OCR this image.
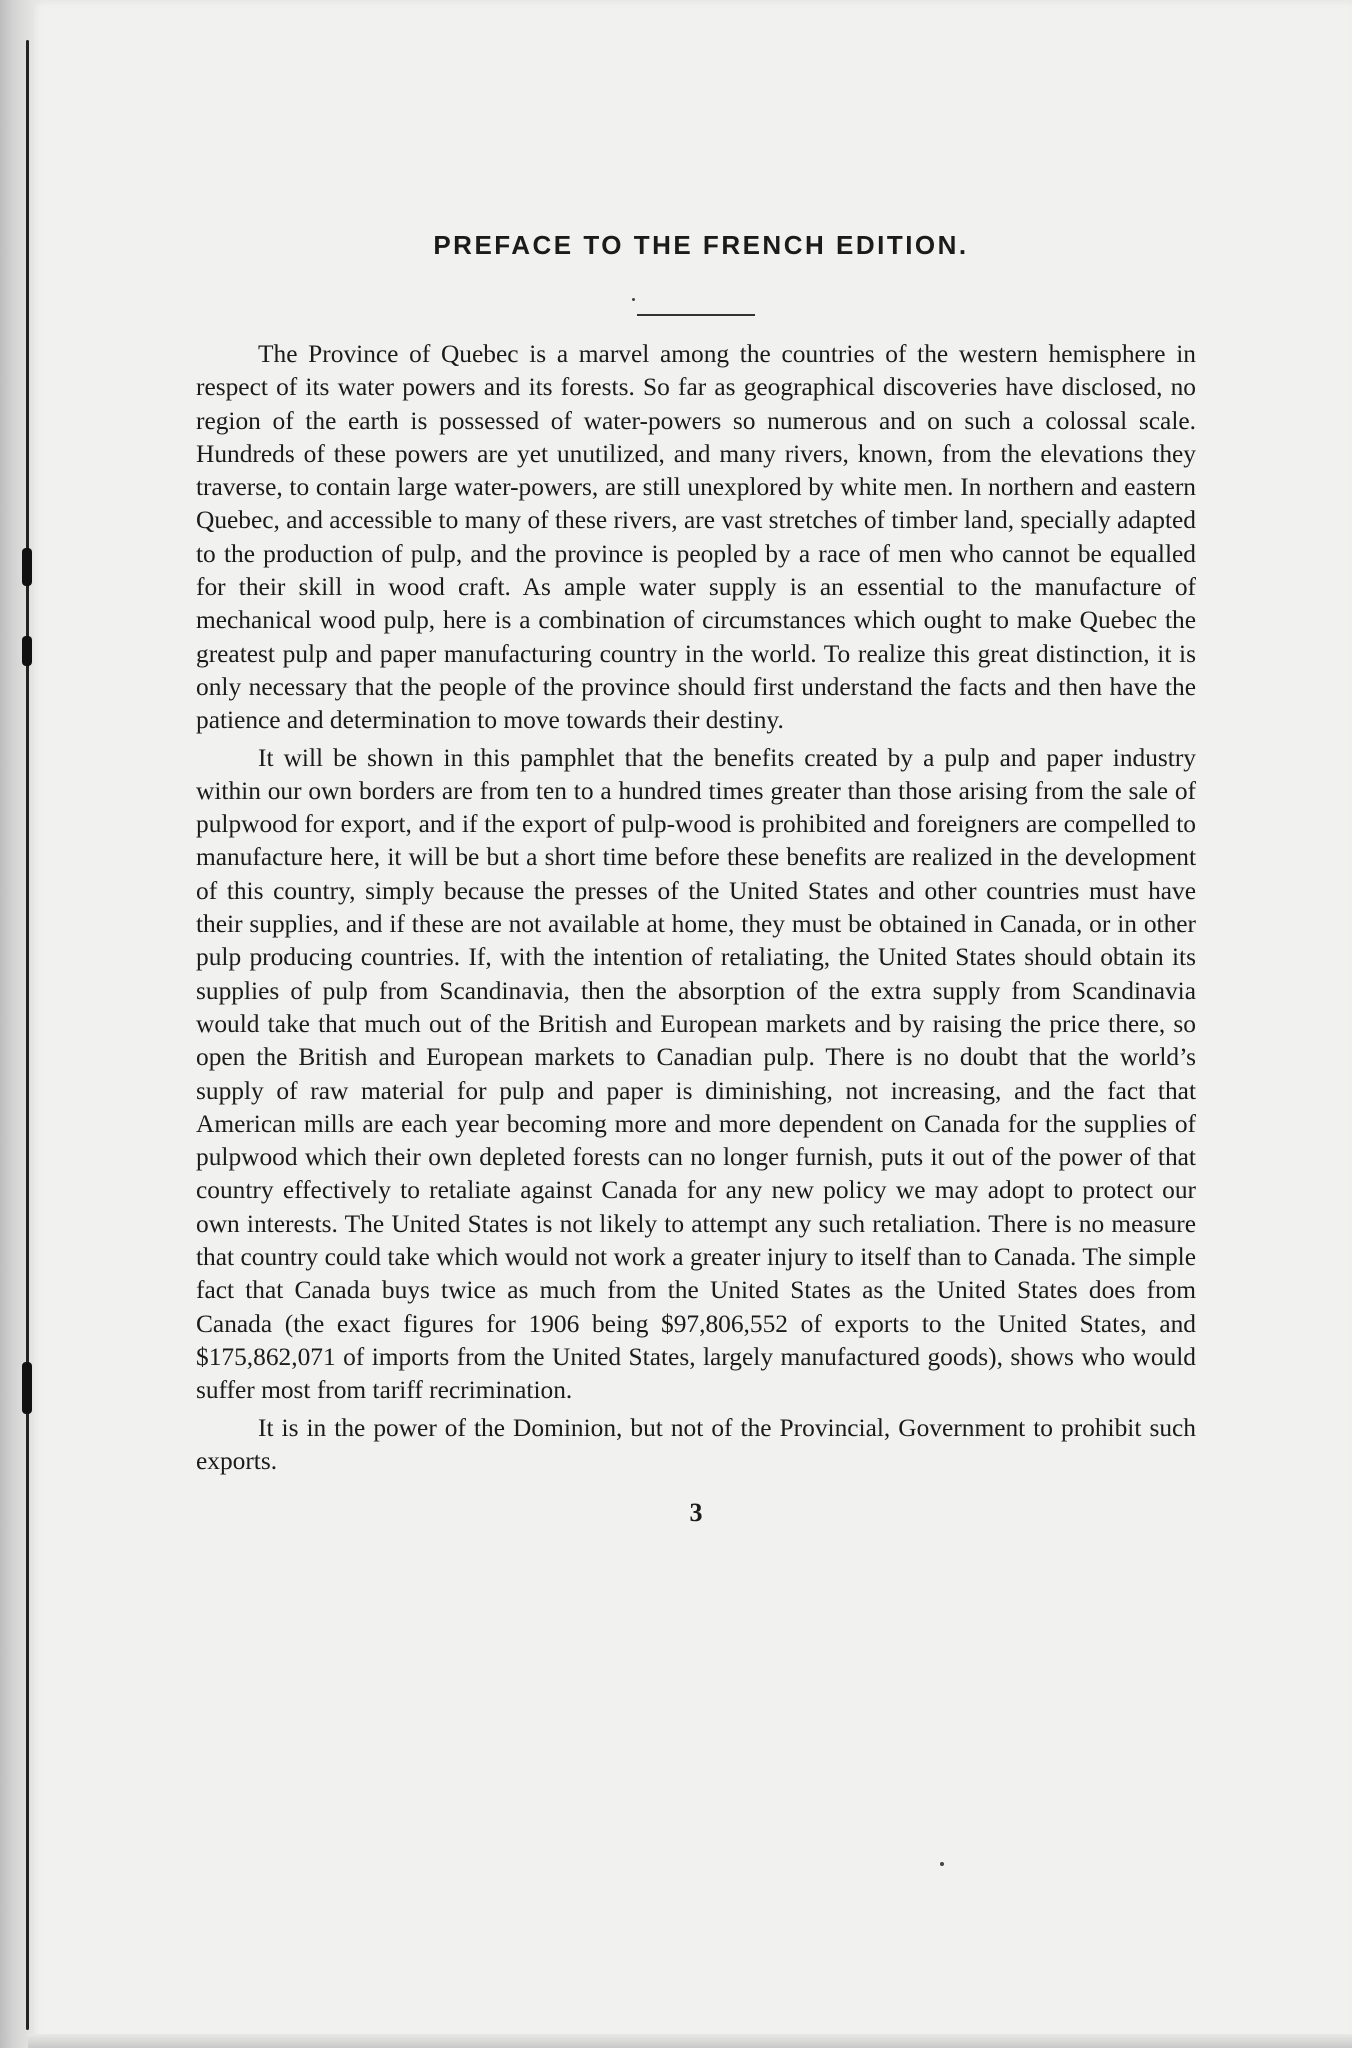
PREFACE TO THE FRENCH EDITION.

The Province of Quebec is a marvel among the countries of the western hemisphere in respect of its water powers and its forests. So far as geographical discoveries have disclosed, no region of the earth is possessed of water-powers so numerous and on such a colossal scale. Hundreds of these powers are yet unutilized, and many rivers, known, from the elevations they traverse, to contain large water-powers, are still unexplored by white men. In northern and eastern Quebec, and accessible to many of these rivers, are vast stretches of timber land, specially adapted to the production of pulp, and the province is peopled by a race of men who cannot be equalled for their skill in wood craft. As ample water supply is an essential to the manufacture of mechanical wood pulp, here is a combination of circumstances which ought to make Quebec the greatest pulp and paper manufacturing country in the world. To realize this great distinction, it is only necessary that the people of the province should first understand the facts and then have the patience and determination to move towards their destiny.

It will be shown in this pamphlet that the benefits created by a pulp and paper industry within our own borders are from ten to a hundred times greater than those arising from the sale of pulpwood for export, and if the export of pulp-wood is prohibited and foreigners are compelled to manufacture here, it will be but a short time before these benefits are realized in the development of this country, simply because the presses of the United States and other countries must have their supplies, and if these are not available at home, they must be obtained in Canada, or in other pulp producing countries. If, with the intention of retaliating, the United States should obtain its supplies of pulp from Scandinavia, then the absorption of the extra supply from Scandinavia would take that much out of the British and European markets and by raising the price there, so open the British and European markets to Canadian pulp. There is no doubt that the world’s supply of raw material for pulp and paper is diminishing, not increasing, and the fact that American mills are each year becoming more and more dependent on Canada for the supplies of pulpwood which their own depleted forests can no longer furnish, puts it out of the power of that country effectively to retaliate against Canada for any new policy we may adopt to protect our own interests. The United States is not likely to attempt any such retaliation. There is no measure that country could take which would not work a greater injury to itself than to Canada. The simple fact that Canada buys twice as much from the United States as the United States does from Canada (the exact figures for 1906 being $97,806,552 of exports to the United States, and $175,862,071 of imports from the United States, largely manufactured goods), shows who would suffer most from tariff recrimination.

It is in the power of the Dominion, but not of the Provincial, Government to prohibit such exports.

3
